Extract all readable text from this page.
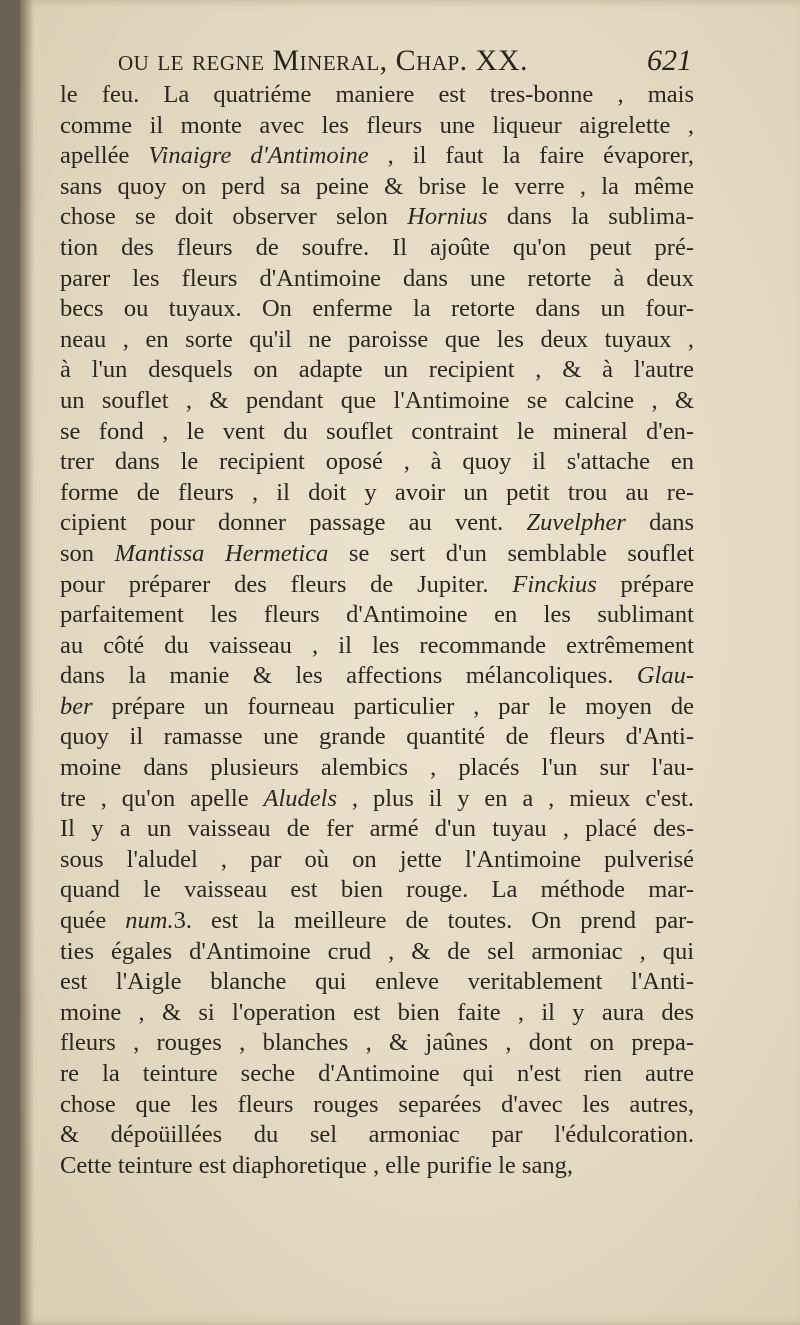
ou le regne Mineral, Chap. XX.	621
le feu. La quatriéme maniere est tres-bonne , mais
comme il monte avec les fleurs une liqueur aigrelette ,
apellée Vinaigre d'Antimoine , il faut la faire évaporer,
sans quoy on perd sa peine & brise le verre , la même
chose se doit observer selon Hornius dans la sublima-
tion des fleurs de soufre. Il ajoûte qu'on peut pré-
parer les fleurs d'Antimoine dans une retorte à deux
becs ou tuyaux. On enferme la retorte dans un four-
neau , en sorte qu'il ne paroisse que les deux tuyaux ,
à l'un desquels on adapte un recipient , & à l'autre
un souflet , & pendant que l'Antimoine se calcine , &
se fond , le vent du souflet contraint le mineral d'en-
trer dans le recipient oposé , à quoy il s'attache en
forme de fleurs , il doit y avoir un petit trou au re-
cipient pour donner passage au vent. Zuvelpher dans
son Mantissa Hermetica se sert d'un semblable souflet
pour préparer des fleurs de Jupiter. Finckius prépare
parfaitement les fleurs d'Antimoine en les sublimant
au côté du vaisseau , il les recommande extrêmement
dans la manie & les affections mélancoliques. Glau-
ber prépare un fourneau particulier , par le moyen de
quoy il ramasse une grande quantité de fleurs d'Anti-
moine dans plusieurs alembics , placés l'un sur l'au-
tre , qu'on apelle Aludels , plus il y en a , mieux c'est.
Il y a un vaisseau de fer armé d'un tuyau , placé des-
sous l'aludel , par où on jette l'Antimoine pulverisé
quand le vaisseau est bien rouge. La méthode mar-
quée num.3. est la meilleure de toutes. On prend par-
ties égales d'Antimoine crud , & de sel armoniac , qui
est l'Aigle blanche qui enleve veritablement l'Anti-
moine , & si l'operation est bien faite , il y aura des
fleurs , rouges , blanches , & jaûnes , dont on prepa-
re la teinture seche d'Antimoine qui n'est rien autre
chose que les fleurs rouges separées d'avec les autres,
& dépoüillées du sel armoniac par l'édulcoration.
Cette teinture est diaphoretique , elle purifie le sang,
